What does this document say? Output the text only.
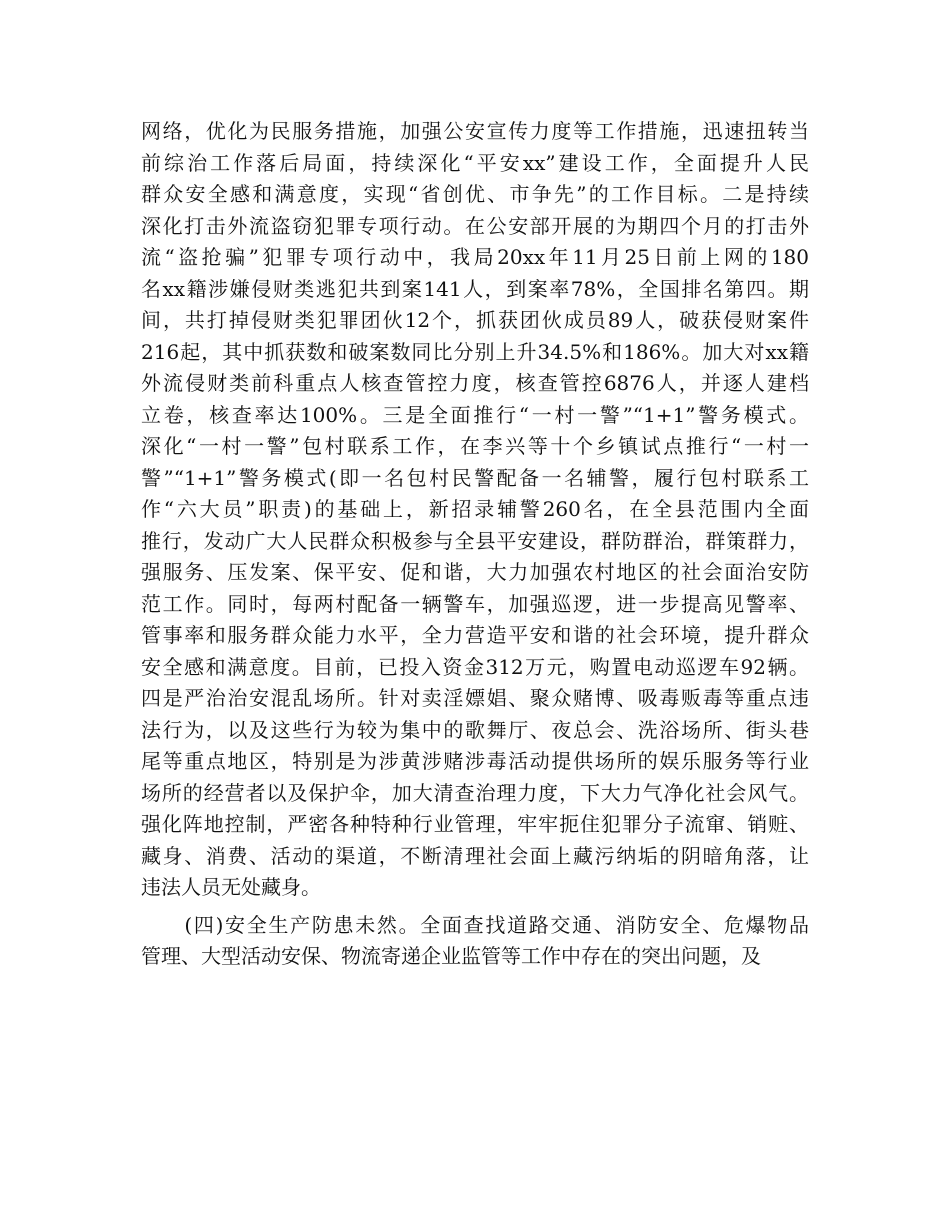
网络，优化为民服务措施，加强公安宣传力度等工作措施，迅速扭转当
前综治工作落后局面，持续深化“平安xx”建设工作，全面提升人民
群众安全感和满意度，实现“省创优、市争先”的工作目标。二是持续
深化打击外流盗窃犯罪专项行动。在公安部开展的为期四个月的打击外
流“盗抢骗”犯罪专项行动中，我局20xx年11月25日前上网的180
名xx籍涉嫌侵财类逃犯共到案141人，到案率78%，全国排名第四。期
间，共打掉侵财类犯罪团伙12个，抓获团伙成员89人，破获侵财案件
216起，其中抓获数和破案数同比分别上升34.5%和186%。加大对xx籍
外流侵财类前科重点人核查管控力度，核查管控6876人，并逐人建档
立卷，核查率达100%。三是全面推行“一村一警”“1+1”警务模式。
深化“一村一警”包村联系工作，在李兴等十个乡镇试点推行“一村一
警”“1+1”警务模式(即一名包村民警配备一名辅警，履行包村联系工
作“六大员”职责)的基础上，新招录辅警260名，在全县范围内全面
推行，发动广大人民群众积极参与全县平安建设，群防群治，群策群力，
强服务、压发案、保平安、促和谐，大力加强农村地区的社会面治安防
范工作。同时，每两村配备一辆警车，加强巡逻，进一步提高见警率、
管事率和服务群众能力水平，全力营造平安和谐的社会环境，提升群众
安全感和满意度。目前，已投入资金312万元，购置电动巡逻车92辆。
四是严治治安混乱场所。针对卖淫嫖娼、聚众赌博、吸毒贩毒等重点违
法行为，以及这些行为较为集中的歌舞厅、夜总会、洗浴场所、街头巷
尾等重点地区，特别是为涉黄涉赌涉毒活动提供场所的娱乐服务等行业
场所的经营者以及保护伞，加大清查治理力度，下大力气净化社会风气。
强化阵地控制，严密各种特种行业管理，牢牢扼住犯罪分子流窜、销赃、
藏身、消费、活动的渠道，不断清理社会面上藏污纳垢的阴暗角落，让
违法人员无处藏身。
　　(四)安全生产防患未然。全面查找道路交通、消防安全、危爆物品
管理、大型活动安保、物流寄递企业监管等工作中存在的突出问题，及
